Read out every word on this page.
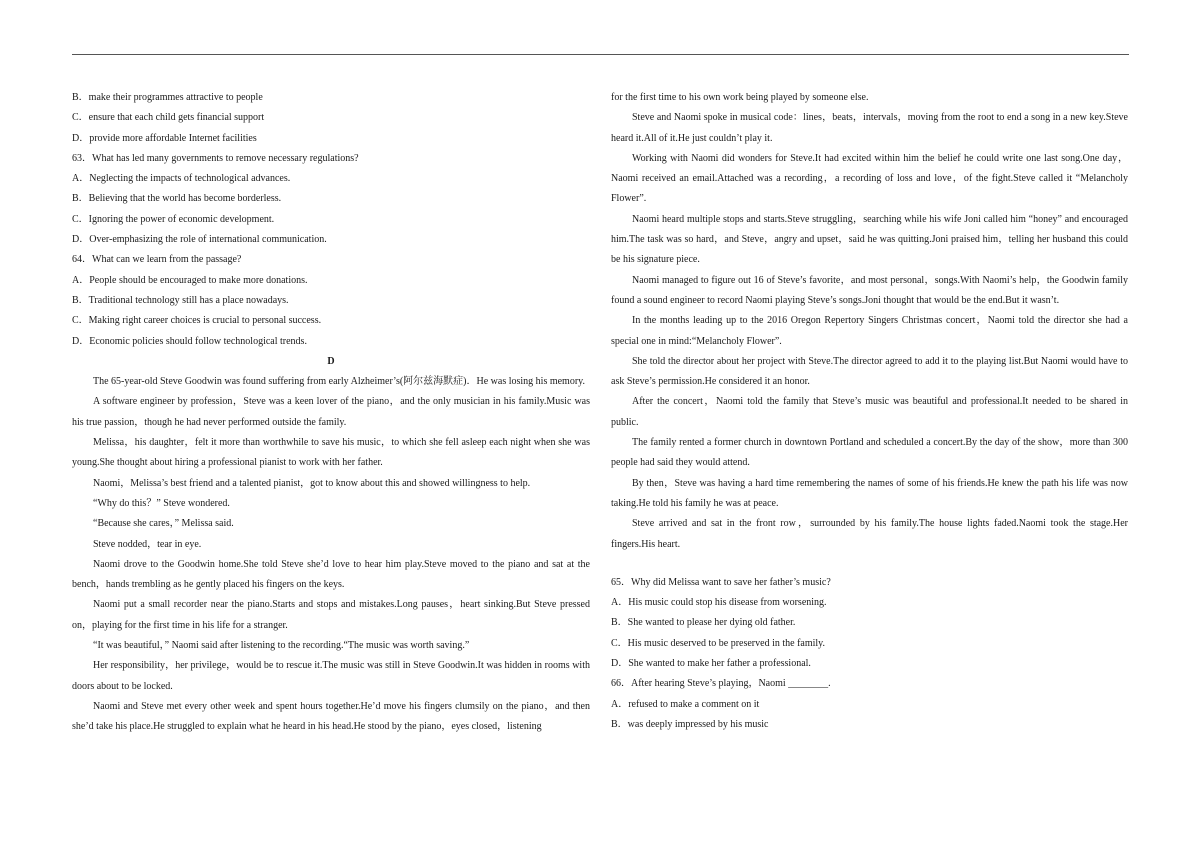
B．make their programmes attractive to people

C．ensure that each child gets financial support

D．provide more affordable Internet facilities

63．What has led many governments to remove necessary regulations?

A．Neglecting the impacts of technological advances.

B．Believing that the world has become borderless.

C．Ignoring the power of economic development.

D．Over-emphasizing the role of international communication.

64．What can we learn from the passage?

A．People should be encouraged to make more donations.

B．Traditional technology still has a place nowadays.

C．Making right career choices is crucial to personal success.

D．Economic policies should follow technological trends.

D

The 65-year-old Steve Goodwin was found suffering from early Alzheimer’s(阿尔兹海默症)．He was losing his memory.

A software engineer by profession，Steve was a keen lover of the piano，and the only musician in his family.Music was his true passion，though he had never performed outside the family.

Melissa，his daughter，felt it more than worthwhile to save his music，to which she fell asleep each night when she was young.She thought about hiring a professional pianist to work with her father.

Naomi，Melissa’s best friend and a talented pianist，got to know about this and showed willingness to help.

“Why do this？” Steve wondered.

“Because she cares，” Melissa said.

Steve nodded，tear in eye.

Naomi drove to the Goodwin home.She told Steve she’d love to hear him play.Steve moved to the piano and sat at the bench，hands trembling as he gently placed his fingers on the keys.

Naomi put a small recorder near the piano.Starts and stops and mistakes.Long pauses，heart sinking.But Steve pressed on，playing for the first time in his life for a stranger.

“It was beautiful，” Naomi said after listening to the recording.“The music was worth saving.”

Her responsibility，her privilege，would be to rescue it.The music was still in Steve Goodwin.It was hidden in rooms with doors about to be locked.

Naomi and Steve met every other week and spent hours together.He’d move his fingers clumsily on the piano，and then she’d take his place.He struggled to explain what he heard in his head.He stood by the piano，eyes closed，listening

for the first time to his own work being played by someone else.

Steve and Naomi spoke in musical code：lines，beats，intervals，moving from the root to end a song in a new key.Steve heard it.All of it.He just couldn’t play it.

Working with Naomi did wonders for Steve.It had excited within him the belief he could write one last song.One day，Naomi received an email.Attached was a recording，a recording of loss and love，of the fight.Steve called it “Melancholy Flower”.

Naomi heard multiple stops and starts.Steve struggling，searching while his wife Joni called him “honey” and encouraged him.The task was so hard，and Steve，angry and upset，said he was quitting.Joni praised him，telling her husband this could be his signature piece.

Naomi managed to figure out 16 of Steve’s favorite，and most personal，songs.With Naomi’s help，the Goodwin family found a sound engineer to record Naomi playing Steve’s songs.Joni thought that would be the end.But it wasn’t.

In the months leading up to the 2016 Oregon Repertory Singers Christmas concert，Naomi told the director she had a special one in mind:“Melancholy Flower”.

She told the director about her project with Steve.The director agreed to add it to the playing list.But Naomi would have to ask Steve’s permission.He considered it an honor.

After the concert，Naomi told the family that Steve’s music was beautiful and professional.It needed to be shared in public.

The family rented a former church in downtown Portland and scheduled a concert.By the day of the show，more than 300 people had said they would attend.

By then，Steve was having a hard time remembering the names of some of his friends.He knew the path his life was now taking.He told his family he was at peace.

Steve arrived and sat in the front row，surrounded by his family.The house lights faded.Naomi took the stage.Her fingers.His heart.

65．Why did Melissa want to save her father’s music?

A．His music could stop his disease from worsening.

B．She wanted to please her dying old father.

C．His music deserved to be preserved in the family.

D．She wanted to make her father a professional.

66．After hearing Steve’s playing，Naomi ________.

A．refused to make a comment on it

B．was deeply impressed by his music
